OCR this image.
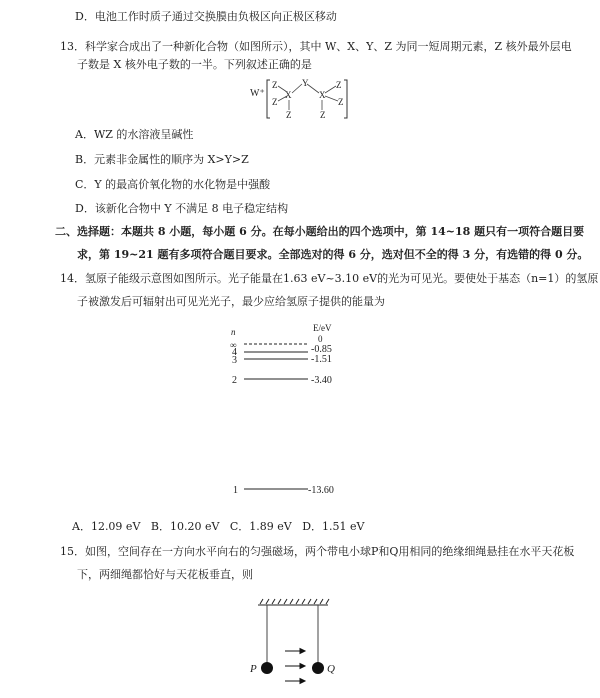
D．电池工作时质子通过交换膜由负极区向正极区移动
13．科学家合成出了一种新化合物（如图所示），其中 W、X、Y、Z 为同一短周期元素，Z 核外最外层电
子数是 X 核外电子数的一半。下列叙述正确的是
W⁺
Z
Z
X
Z
Y
X
Z
Z
Z
n	E/eV
∞
0
4	-0.85
3	-1.51
2	-3.40
1	-13.60
P	Q
A．WZ 的水溶液呈碱性
B．元素非金属性的顺序为 X>Y>Z
C．Y 的最高价氧化物的水化物是中强酸
D．该新化合物中 Y 不满足 8 电子稳定结构
二、选择题：本题共 8 小题，每小题 6 分。在每小题给出的四个选项中，第 14~18 题只有一项符合题目要
求，第 19~21 题有多项符合题目要求。全部选对的得 6 分，选对但不全的得 3 分，有选错的得 0 分。
14．氢原子能级示意图如图所示。光子能量在1.63 eV~3.10 eV的光为可见光。要使处于基态（n=1）的氢原
子被激发后可辐射出可见光光子，最少应给氢原子提供的能量为
A．12.09 eV   B．10.20 eV   C．1.89 eV   D．1.51 eV
15．如图，空间存在一方向水平向右的匀强磁场，两个带电小球P和Q用相同的绝缘细绳悬挂在水平天花板
下，两细绳都恰好与天花板垂直，则
